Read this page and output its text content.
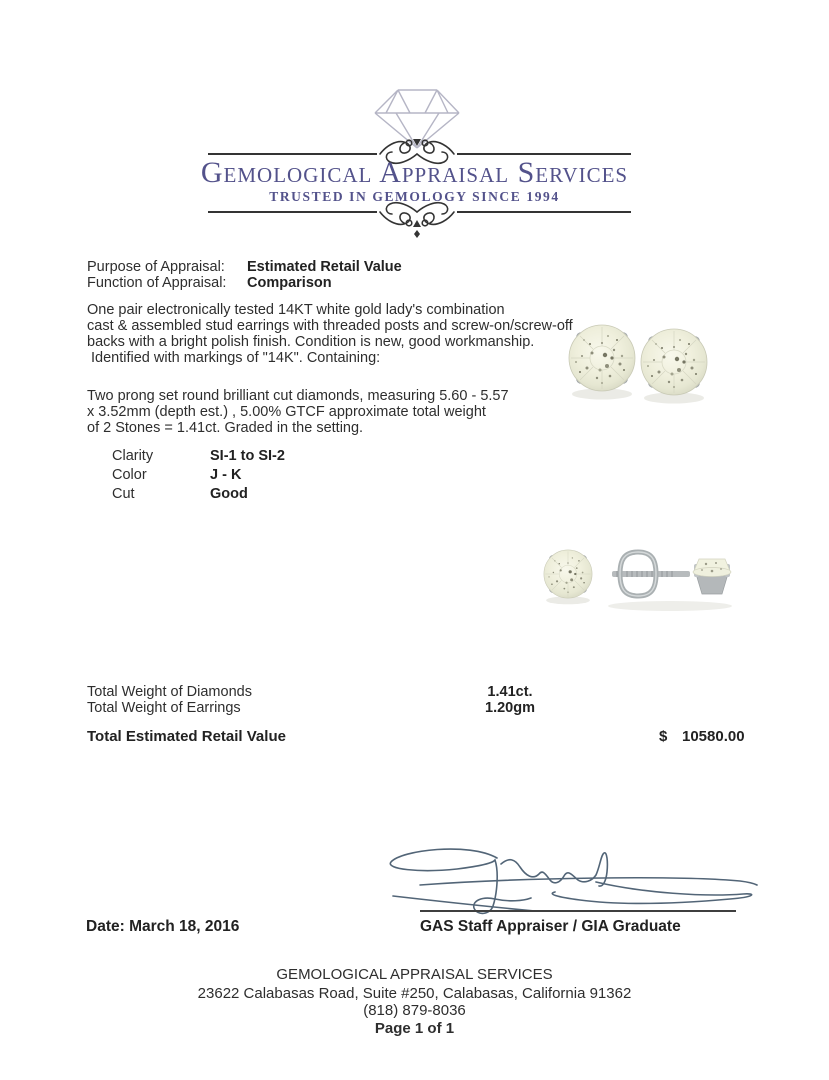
Gemological Appraisal Services
TRUSTED IN GEMOLOGY SINCE 1994
Purpose of Appraisal:	Estimated Retail Value
Function of Appraisal:	Comparison
One pair electronically tested 14KT white gold lady's combination
cast & assembled stud earrings with threaded posts and screw-on/screw-off
backs with a bright polish finish. Condition is new, good workmanship.
Identified with markings of "14K". Containing:
Two prong set round brilliant cut diamonds, measuring 5.60 - 5.57
x 3.52mm (depth est.) , 5.00% GTCF approximate total weight
of 2 Stones = 1.41ct. Graded in the setting.
Clarity	SI-1 to SI-2
Color	J - K
Cut	Good
Total Weight of Diamonds	1.41ct.
Total Weight of Earrings	1.20gm
Total Estimated Retail Value	$ 10580.00
Date: March 18, 2016	GAS Staff Appraiser / GIA Graduate
GEMOLOGICAL APPRAISAL SERVICES
23622 Calabasas Road, Suite #250, Calabasas, California 91362
(818) 879-8036
Page 1 of 1
